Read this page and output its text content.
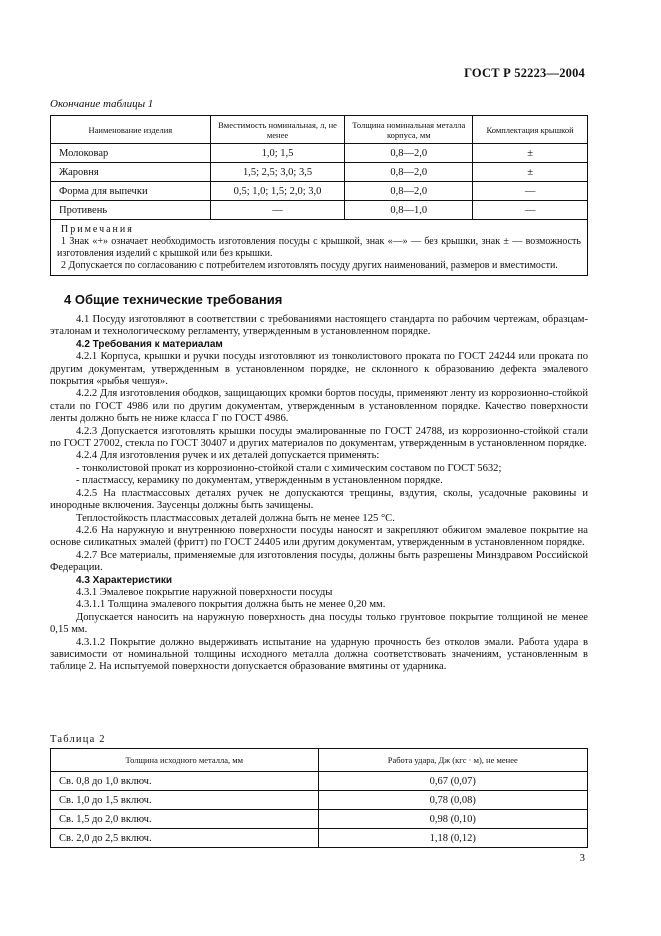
ГОСТ Р 52223—2004
Окончание таблицы 1
Наименование изделия	Вместимость номинальная, л, не менее	Толщина номинальная металла корпуса, мм	Комплектация крышкой
Молоковар	1,0; 1,5	0,8—2,0	±
Жаровня	1,5; 2,5; 3,0; 3,5	0,8—2,0	±
Форма для выпечки	0,5; 1,0; 1,5; 2,0; 3,0	0,8—2,0	—
Противень	—	0,8—1,0	—

Примечания
1 Знак «+» означает необходимость изготовления посуды с крышкой, знак «—» — без крышки, знак ± — возможность изготовления изделий с крышкой или без крышки.
2 Допускается по согласованию с потребителем изготовлять посуду других наименований, размеров и вместимости.			
4 Общие технические требования

4.1 Посуду изготовляют в соответствии с требованиями настоящего стандарта по рабочим чертежам, образцам-эталонам и технологическому регламенту, утвержденным в установленном порядке.

4.2 Требования к материалам

4.2.1 Корпуса, крышки и ручки посуды изготовляют из тонколистового проката по ГОСТ 24244 или проката по другим документам, утвержденным в установленном порядке, не склонного к образованию дефекта эмалевого покрытия «рыбья чешуя».

4.2.2 Для изготовления ободков, защищающих кромки бортов посуды, применяют ленту из коррозионно-стойкой стали по ГОСТ 4986 или по другим документам, утвержденным в установленном порядке. Качество поверхности ленты должно быть не ниже класса Г по ГОСТ 4986.

4.2.3 Допускается изготовлять крышки посуды эмалированные по ГОСТ 24788, из коррозионно-стойкой стали по ГОСТ 27002, стекла по ГОСТ 30407 и других материалов по документам, утвержденным в установленном порядке.

4.2.4 Для изготовления ручек и их деталей допускается применять:

- тонколистовой прокат из коррозионно-стойкой стали с химическим составом по ГОСТ 5632;

- пластмассу, керамику по документам, утвержденным в установленном порядке.

4.2.5 На пластмассовых деталях ручек не допускаются трещины, вздутия, сколы, усадочные раковины и инородные включения. Заусенцы должны быть зачищены.

Теплостойкость пластмассовых деталей должна быть не менее 125 °С.

4.2.6 На наружную и внутреннюю поверхности посуды наносят и закрепляют обжигом эмалевое покрытие на основе силикатных эмалей (фритт) по ГОСТ 24405 или другим документам, утвержденным в установленном порядке.

4.2.7 Все материалы, применяемые для изготовления посуды, должны быть разрешены Минздравом Российской Федерации.

4.3 Характеристики

4.3.1 Эмалевое покрытие наружной поверхности посуды

4.3.1.1 Толщина эмалевого покрытия должна быть не менее 0,20 мм.

Допускается наносить на наружную поверхность дна посуды только грунтовое покрытие толщиной не менее 0,15 мм.

4.3.1.2 Покрытие должно выдерживать испытание на ударную прочность без отколов эмали. Работа удара в зависимости от номинальной толщины исходного металла должна соответствовать значениям, установленным в таблице 2. На испытуемой поверхности допускается образование вмятины от ударника.

Таблица 2
Толщина исходного металла, мм	Работа удара, Дж (кгс · м), не менее
Св. 0,8 до 1,0 включ.	0,67 (0,07)
Св. 1,0 до 1,5 включ.	0,78 (0,08)
Св. 1,5 до 2,0 включ.	0,98 (0,10)
Св. 2,0 до 2,5 включ.	1,18 (0,12)
3
